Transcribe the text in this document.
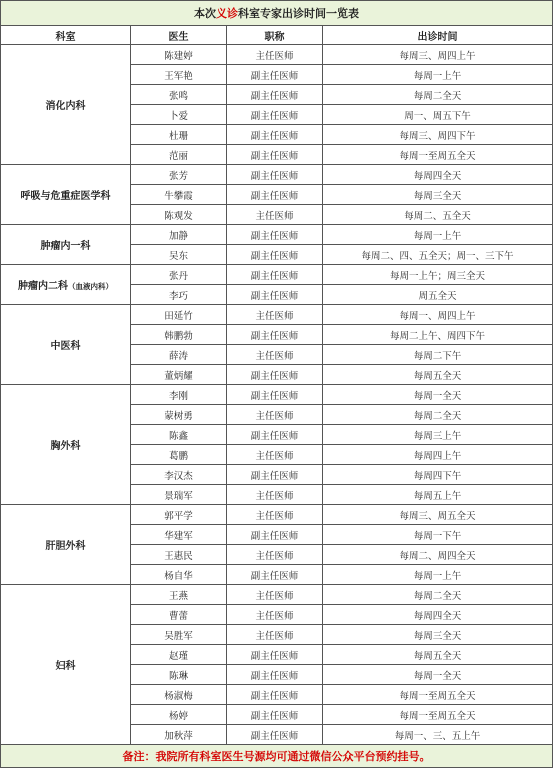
本次义诊科室专家出诊时间一览表			
科室	医生	职称	出诊时间
消化内科	陈建婷	主任医师	每周三、周四上午
	王军艳	副主任医师	每周一上午
	张鸣	副主任医师	每周二全天
	卜爱	副主任医师	周一、周五下午
	杜珊	副主任医师	每周三、周四下午
	范丽	副主任医师	每周一至周五全天
呼吸与危重症医学科	张芳	副主任医师	每周四全天
	牛攀霞	副主任医师	每周三全天
	陈观发	主任医师	每周二、五全天
肿瘤内一科	加静	副主任医师	每周一上午
	吴东	副主任医师	每周二、四、五全天；周一、三下午
肿瘤内二科（血液内科）	张丹	副主任医师	每周一上午；周三全天
	李巧	副主任医师	周五全天
中医科	田延竹	主任医师	每周一、周四上午
	韩鹏勃	副主任医师	每周二上午、周四下午
	薛涛	主任医师	每周二下午
	董炳耀	副主任医师	每周五全天
胸外科	李刚	副主任医师	每周一全天
	蒙树勇	主任医师	每周二全天
	陈鑫	副主任医师	每周三上午
	葛鹏	主任医师	每周四上午
	李汉杰	副主任医师	每周四下午
	景瑞军	主任医师	每周五上午
肝胆外科	郭平学	主任医师	每周三、周五全天
	华建军	副主任医师	每周一下午
	王惠民	主任医师	每周二、周四全天
	杨自华	副主任医师	每周一上午
妇科	王燕	主任医师	每周二全天
	曹蕾	主任医师	每周四全天
	吴胜军	主任医师	每周三全天
	赵瑾	副主任医师	每周五全天
	陈琳	副主任医师	每周一全天
	杨淑梅	副主任医师	每周一至周五全天
	杨婷	副主任医师	每周一至周五全天
	加秋萍	副主任医师	每周一、三、五上午
备注：我院所有科室医生号源均可通过微信公众平台预约挂号。			
